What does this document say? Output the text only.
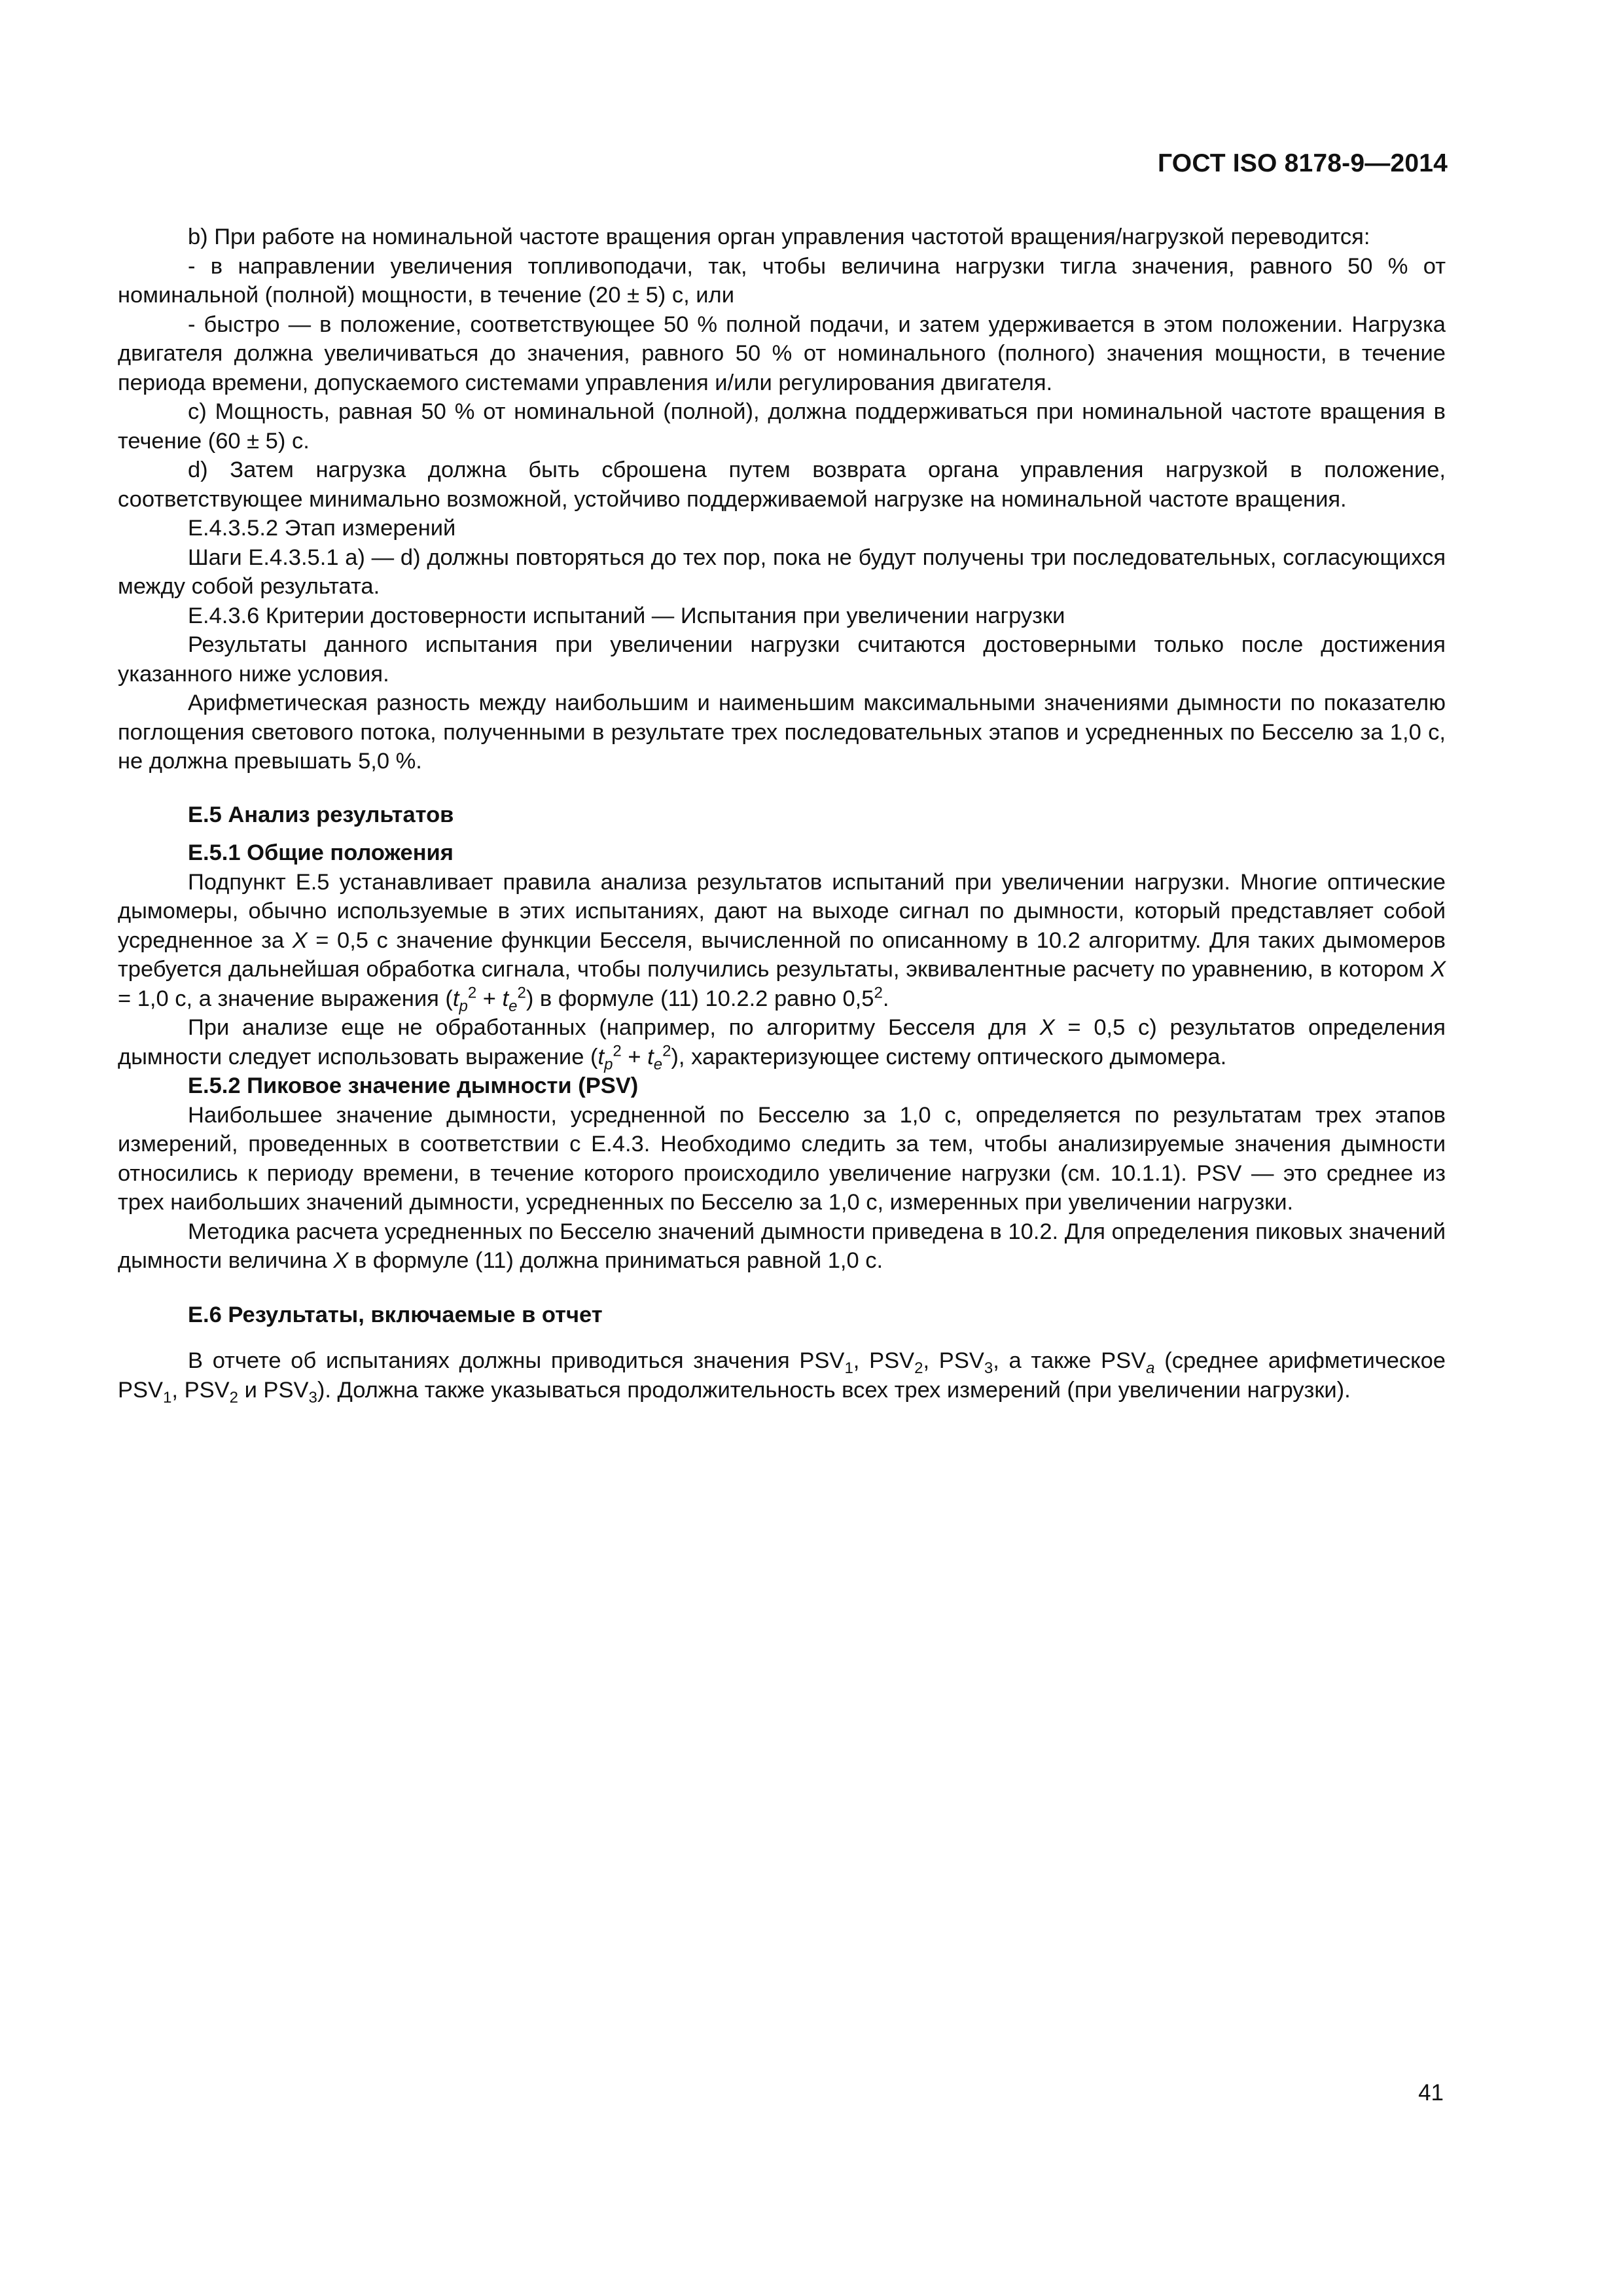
ГОСТ ISO 8178-9—2014

b) При работе на номинальной частоте вращения орган управления частотой вращения/нагрузкой переводится:

- в направлении увеличения топливоподачи, так, чтобы величина нагрузки тигла значения, равного 50 % от номинальной (полной) мощности, в течение (20 ± 5) с, или

- быстро — в положение, соответствующее 50 % полной подачи, и затем удерживается в этом положении. Нагрузка двигателя должна увеличиваться до значения, равного 50 % от номинального (полного) значения мощности, в течение периода времени, допускаемого системами управления и/или регулирования двигателя.

c) Мощность, равная 50 % от номинальной (полной), должна поддерживаться при номинальной частоте вращения в течение (60 ± 5) с.

d) Затем нагрузка должна быть сброшена путем возврата органа управления нагрузкой в положение, соответствующее минимально возможной, устойчиво поддерживаемой нагрузке на номинальной частоте вращения.

Е.4.3.5.2 Этап измерений

Шаги Е.4.3.5.1 a) — d) должны повторяться до тех пор, пока не будут получены три последовательных, согласующихся между собой результата.

Е.4.3.6 Критерии достоверности испытаний — Испытания при увеличении нагрузки

Результаты данного испытания при увеличении нагрузки считаются достоверными только после достижения указанного ниже условия.

Арифметическая разность между наибольшим и наименьшим максимальными значениями дымности по показателю поглощения светового потока, полученными в результате трех последовательных этапов и усредненных по Бесселю за 1,0 с, не должна превышать 5,0 %.

Е.5 Анализ результатов

Е.5.1 Общие положения

Подпункт Е.5 устанавливает правила анализа результатов испытаний при увеличении нагрузки. Многие оптические дымомеры, обычно используемые в этих испытаниях, дают на выходе сигнал по дымности, который представляет собой усредненное за X = 0,5 с значение функции Бесселя, вычисленной по описанному в 10.2 алгоритму. Для таких дымомеров требуется дальнейшая обработка сигнала, чтобы получились результаты, эквивалентные расчету по уравнению, в котором X = 1,0 с, а значение выражения $(t_p^2 + t_e^2)$ в формуле (11) 10.2.2 равно $0,5^2$.

При анализе еще не обработанных (например, по алгоритму Бесселя для X = 0,5 с) результатов определения дымности следует использовать выражение $(t_p^2 + t_e^2)$, характеризующее систему оптического дымомера.

Е.5.2 Пиковое значение дымности (PSV)

Наибольшее значение дымности, усредненной по Бесселю за 1,0 с, определяется по результатам трех этапов измерений, проведенных в соответствии с Е.4.3. Необходимо следить за тем, чтобы анализируемые значения дымности относились к периоду времени, в течение которого происходило увеличение нагрузки (см. 10.1.1). PSV — это среднее из трех наибольших значений дымности, усредненных по Бесселю за 1,0 с, измеренных при увеличении нагрузки.

Методика расчета усредненных по Бесселю значений дымности приведена в 10.2. Для определения пиковых значений дымности величина X в формуле (11) должна приниматься равной 1,0 с.

Е.6 Результаты, включаемые в отчет

В отчете об испытаниях должны приводиться значения $PSV_1$, $PSV_2$, $PSV_3$, а также $PSV_a$ (среднее арифметическое $PSV_1$, $PSV_2$ и $PSV_3$). Должна также указываться продолжительность всех трех измерений (при увеличении нагрузки).

41
